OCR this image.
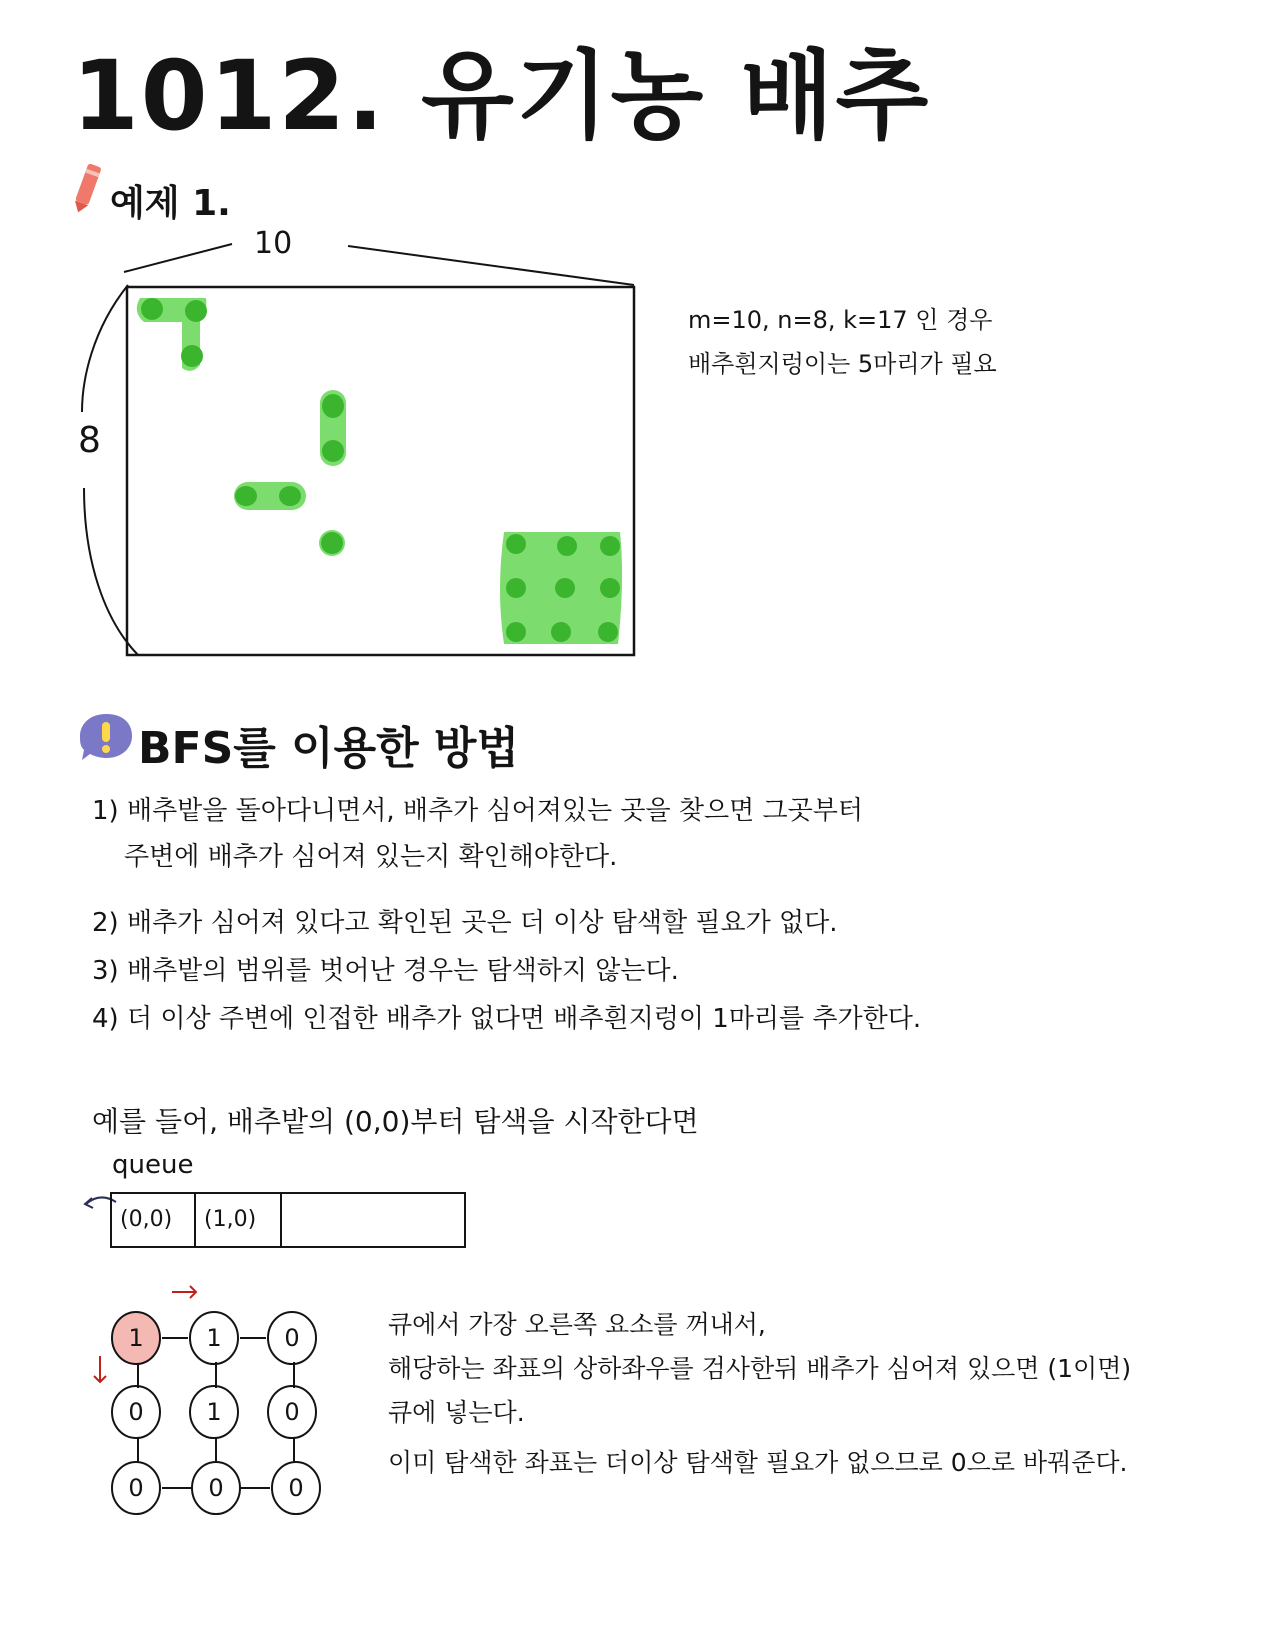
1012. 유기농 배추
예제 1.
10
8
m=10, n=8, k=17 인 경우
배추흰지렁이는 5마리가 필요
BFS를 이용한 방법
1) 배추밭을 돌아다니면서, 배추가 심어져있는 곳을 찾으면 그곳부터
주변에 배추가 심어져 있는지 확인해야한다.
2) 배추가 심어져 있다고 확인된 곳은 더 이상 탐색할 필요가 없다.
3) 배추밭의 범위를 벗어난 경우는 탐색하지 않는다.
4) 더 이상 주변에 인접한 배추가 없다면 배추흰지렁이 1마리를 추가한다.
예를 들어, 배추밭의 (0,0)부터 탐색을 시작한다면
queue
(0,0)	(1,0)
1	1	0
0	1	0
0	0	0
큐에서 가장 오른쪽 요소를 꺼내서,
해당하는 좌표의 상하좌우를 검사한뒤 배추가 심어져 있으면 (1이면)
큐에 넣는다.
이미 탐색한 좌표는 더이상 탐색할 필요가 없으므로 0으로 바꿔준다.
